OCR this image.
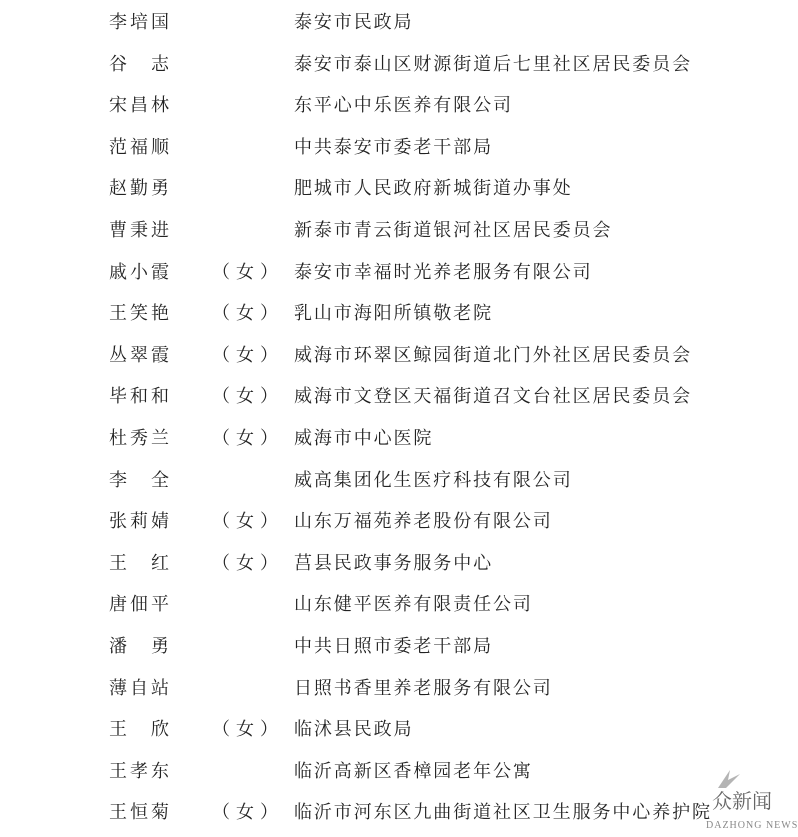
李培国	泰安市民政局
谷志	泰安市泰山区财源街道后七里社区居民委员会
宋昌林	东平心中乐医养有限公司
范福顺	中共泰安市委老干部局
赵勤勇	肥城市人民政府新城街道办事处
曹秉进	新泰市青云街道银河社区居民委员会
戚小霞 （女） 泰安市幸福时光养老服务有限公司
王笑艳 （女） 乳山市海阳所镇敬老院
丛翠霞 （女） 威海市环翠区鲸园街道北门外社区居民委员会
毕和和 （女） 威海市文登区天福街道召文台社区居民委员会
杜秀兰 （女） 威海市中心医院
李全	威高集团化生医疗科技有限公司
张莉婧 （女） 山东万福苑养老股份有限公司
王红 （女） 莒县民政事务服务中心
唐佃平	山东健平医养有限责任公司
潘勇	中共日照市委老干部局
薄自站	日照书香里养老服务有限公司
王欣 （女） 临沭县民政局
王孝东	临沂高新区香樟园老年公寓
王恒菊 （女） 临沂市河东区九曲街道社区卫生服务中心养护院 众新闻
DAZHONG NEWS
